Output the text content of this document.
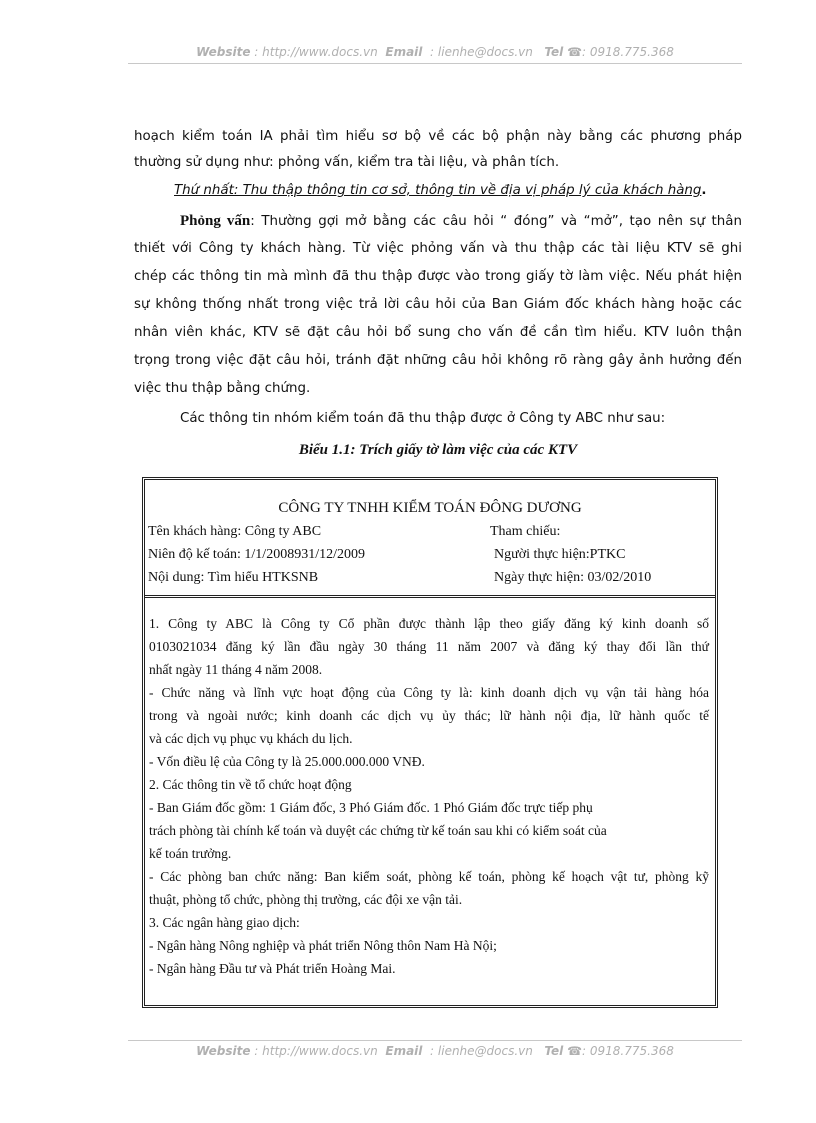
Website : http://www.docs.vn Email : lienhe@docs.vn Tel ☎: 0918.775.368
hoạch kiểm toán IA phải tìm hiểu sơ bộ về các bộ phận này bằng các phương pháp
thường sử dụng như: phỏng vấn, kiểm tra tài liệu, và phân tích.
Thứ nhất: Thu thập thông tin cơ sở, thông tin về địa vị pháp lý của khách hàng.
Phỏng vấn: Thường gợi mở bằng các câu hỏi “ đóng” và “mở”, tạo nên sự thân
thiết với Công ty khách hàng. Từ việc phỏng vấn và thu thập các tài liệu KTV sẽ ghi
chép các thông tin mà mình đã thu thập được vào trong giấy tờ làm việc. Nếu phát hiện
sự không thống nhất trong việc trả lời câu hỏi của Ban Giám đốc khách hàng hoặc các
nhân viên khác, KTV sẽ đặt câu hỏi bổ sung cho vấn đề cần tìm hiểu. KTV luôn thận
trọng trong việc đặt câu hỏi, tránh đặt những câu hỏi không rõ ràng gây ảnh hưởng đến
việc thu thập bằng chứng.
Các thông tin nhóm kiểm toán đã thu thập được ở Công ty ABC như sau:
Biểu 1.1: Trích giấy tờ làm việc của các KTV
CÔNG TY TNHH KIỂM TOÁN ĐÔNG DƯƠNG
Tên khách hàng: Công ty ABC	Tham chiếu:
Niên độ kế toán: 1/1/2008931/12/2009	Người thực hiện:PTKC
Nội dung: Tìm hiểu HTKSNB	Ngày thực hiện: 03/02/2010
1. Công ty ABC là Công ty Cổ phần được thành lập theo giấy đăng ký kinh doanh số
0103021034 đăng ký lần đầu ngày 30 tháng 11 năm 2007 và đăng ký thay đổi lần thứ
nhất ngày 11 tháng 4 năm 2008.
- Chức năng và lĩnh vực hoạt động của Công ty là: kinh doanh dịch vụ vận tải hàng hóa
trong và ngoài nước; kinh doanh các dịch vụ ủy thác; lữ hành nội địa, lữ hành quốc tế
và các dịch vụ phục vụ khách du lịch.
- Vốn điều lệ của Công ty là 25.000.000.000 VNĐ.
2. Các thông tin về tổ chức hoạt động
- Ban Giám đốc gồm: 1 Giám đốc, 3 Phó Giám đốc. 1 Phó Giám đốc trực tiếp phụ
trách phòng tài chính kế toán và duyệt các chứng từ kế toán sau khi có kiểm soát của
kế toán trưởng.
- Các phòng ban chức năng: Ban kiểm soát, phòng kế toán, phòng kế hoạch vật tư, phòng kỹ
thuật, phòng tổ chức, phòng thị trường, các đội xe vận tải.
3. Các ngân hàng giao dịch:
- Ngân hàng Nông nghiệp và phát triển Nông thôn Nam Hà Nội;
- Ngân hàng Đầu tư và Phát triển Hoàng Mai.
Website : http://www.docs.vn Email : lienhe@docs.vn Tel ☎: 0918.775.368
